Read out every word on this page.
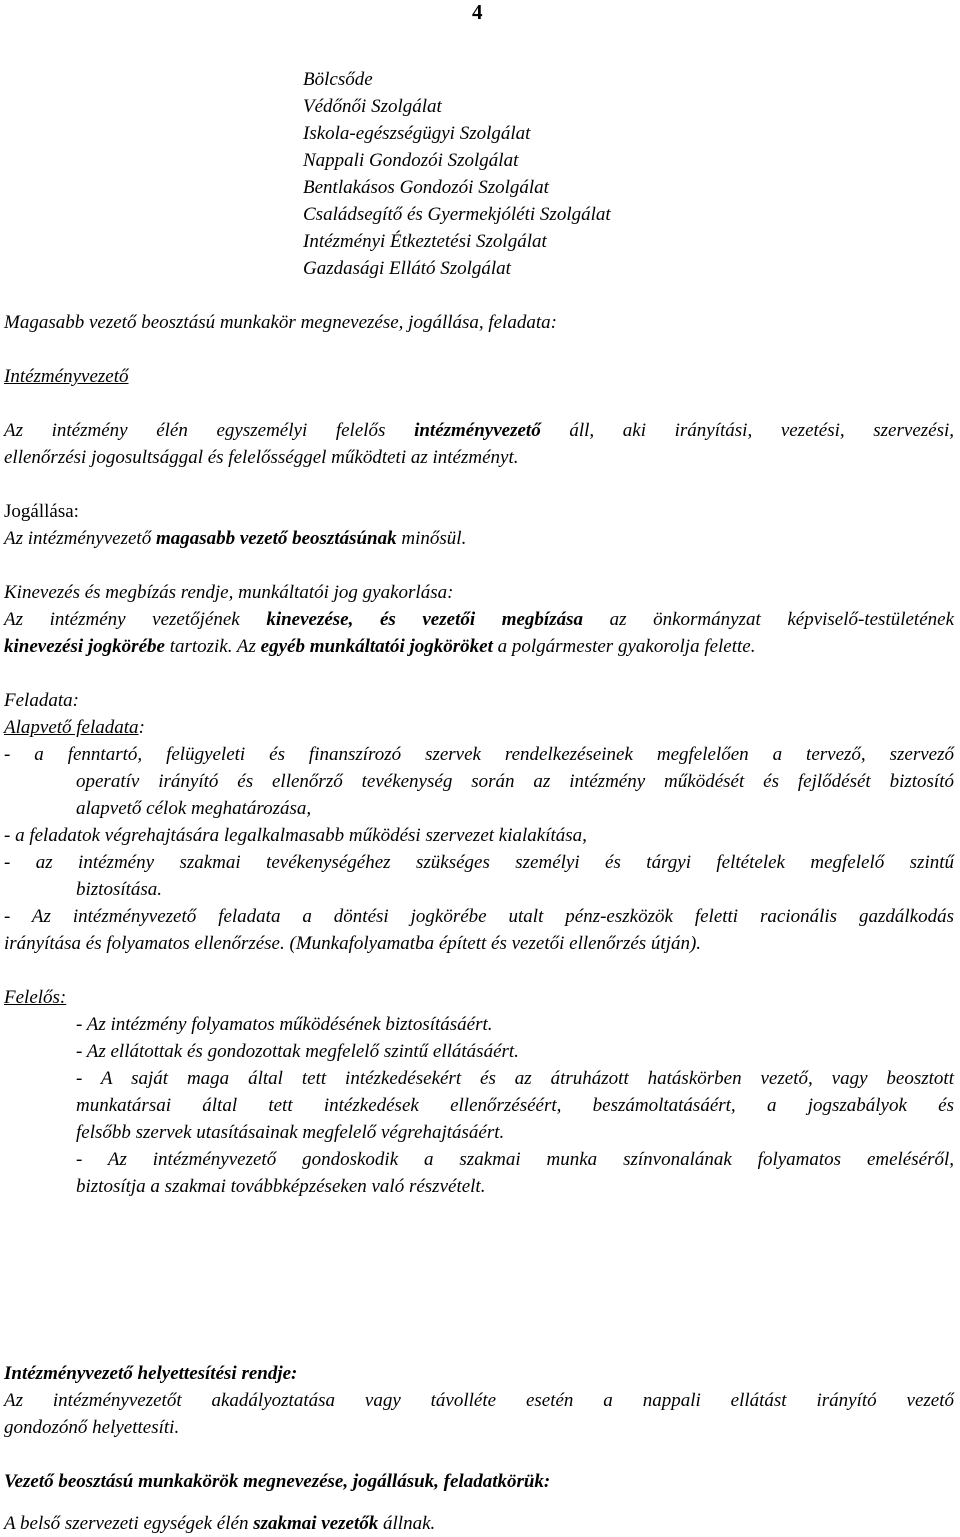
4
Bölcsőde
Védőnői Szolgálat
Iskola-egészségügyi Szolgálat
Nappali Gondozói Szolgálat
Bentlakásos Gondozói Szolgálat
Családsegítő és Gyermekjóléti Szolgálat
Intézményi Étkeztetési Szolgálat
Gazdasági Ellátó Szolgálat
Magasabb vezető beosztású munkakör megnevezése, jogállása, feladata:
Intézményvezető
Az intézmény élén egyszemélyi felelős intézményvezető áll, aki irányítási, vezetési, szervezési,
ellenőrzési jogosultsággal és felelősséggel működteti az intézményt.
Jogállása:
Az intézményvezető magasabb vezető beosztásúnak minősül.
Kinevezés és megbízás rendje, munkáltatói jog gyakorlása:
Az intézmény vezetőjének kinevezése, és vezetői megbízása az önkormányzat képviselő-testületének
kinevezési jogkörébe tartozik. Az egyéb munkáltatói jogköröket a polgármester gyakorolja felette.
Feladata:
Alapvető feladata:
- a fenntartó, felügyeleti és finanszírozó szervek rendelkezéseinek megfelelően a tervező, szervező
operatív irányító és ellenőrző tevékenység során az intézmény működését és fejlődését biztosító
alapvető célok meghatározása,
- a feladatok végrehajtására legalkalmasabb működési szervezet kialakítása,
- az intézmény szakmai tevékenységéhez szükséges személyi és tárgyi feltételek megfelelő szintű
biztosítása.
- Az intézményvezető feladata a döntési jogkörébe utalt pénz-eszközök feletti racionális gazdálkodás
irányítása és folyamatos ellenőrzése. (Munkafolyamatba épített és vezetői ellenőrzés útján).
Felelős:
- Az intézmény folyamatos működésének biztosításáért.
- Az ellátottak és gondozottak megfelelő szintű ellátásáért.
- A saját maga által tett intézkedésekért és az átruházott hatáskörben vezető, vagy beosztott
munkatársai által tett intézkedések ellenőrzéséért, beszámoltatásáért, a jogszabályok és
felsőbb szervek utasításainak megfelelő végrehajtásáért.
- Az intézményvezető gondoskodik a szakmai munka színvonalának folyamatos emeléséről,
biztosítja a szakmai továbbképzéseken való részvételt.
Intézményvezető helyettesítési rendje:
Az intézményvezetőt akadályoztatása vagy távolléte esetén a nappali ellátást irányító vezető
gondozónő helyettesíti.
Vezető beosztású munkakörök megnevezése, jogállásuk, feladatkörük:
A belső szervezeti egységek élén szakmai vezetők állnak.
